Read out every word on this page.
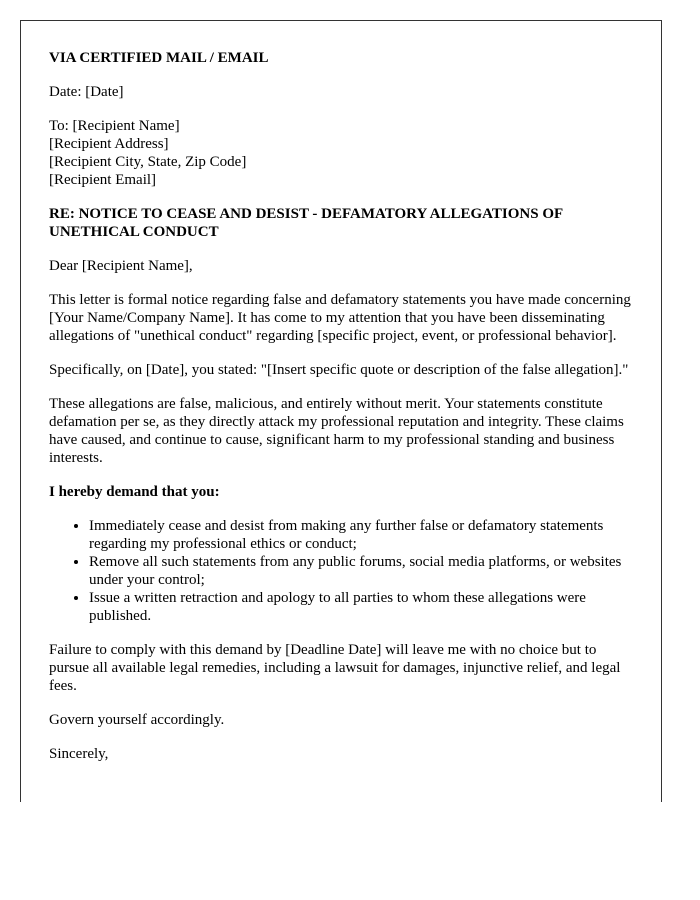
VIA CERTIFIED MAIL / EMAIL

Date: [Date]

To: [Recipient Name]
[Recipient Address]
[Recipient City, State, Zip Code]
[Recipient Email]

RE: NOTICE TO CEASE AND DESIST - DEFAMATORY ALLEGATIONS OF UNETHICAL CONDUCT

Dear [Recipient Name],

This letter is formal notice regarding false and defamatory statements you have made concerning [Your Name/Company Name]. It has come to my attention that you have been disseminating allegations of "unethical conduct" regarding [specific project, event, or professional behavior].

Specifically, on [Date], you stated: "[Insert specific quote or description of the false allegation]."

These allegations are false, malicious, and entirely without merit. Your statements constitute defamation per se, as they directly attack my professional reputation and integrity. These claims have caused, and continue to cause, significant harm to my professional standing and business interests.

I hereby demand that you:

• Immediately cease and desist from making any further false or defamatory statements regarding my professional ethics or conduct;
• Remove all such statements from any public forums, social media platforms, or websites under your control;
• Issue a written retraction and apology to all parties to whom these allegations were published.

Failure to comply with this demand by [Deadline Date] will leave me with no choice but to pursue all available legal remedies, including a lawsuit for damages, injunctive relief, and legal fees.

Govern yourself accordingly.

Sincerely,
